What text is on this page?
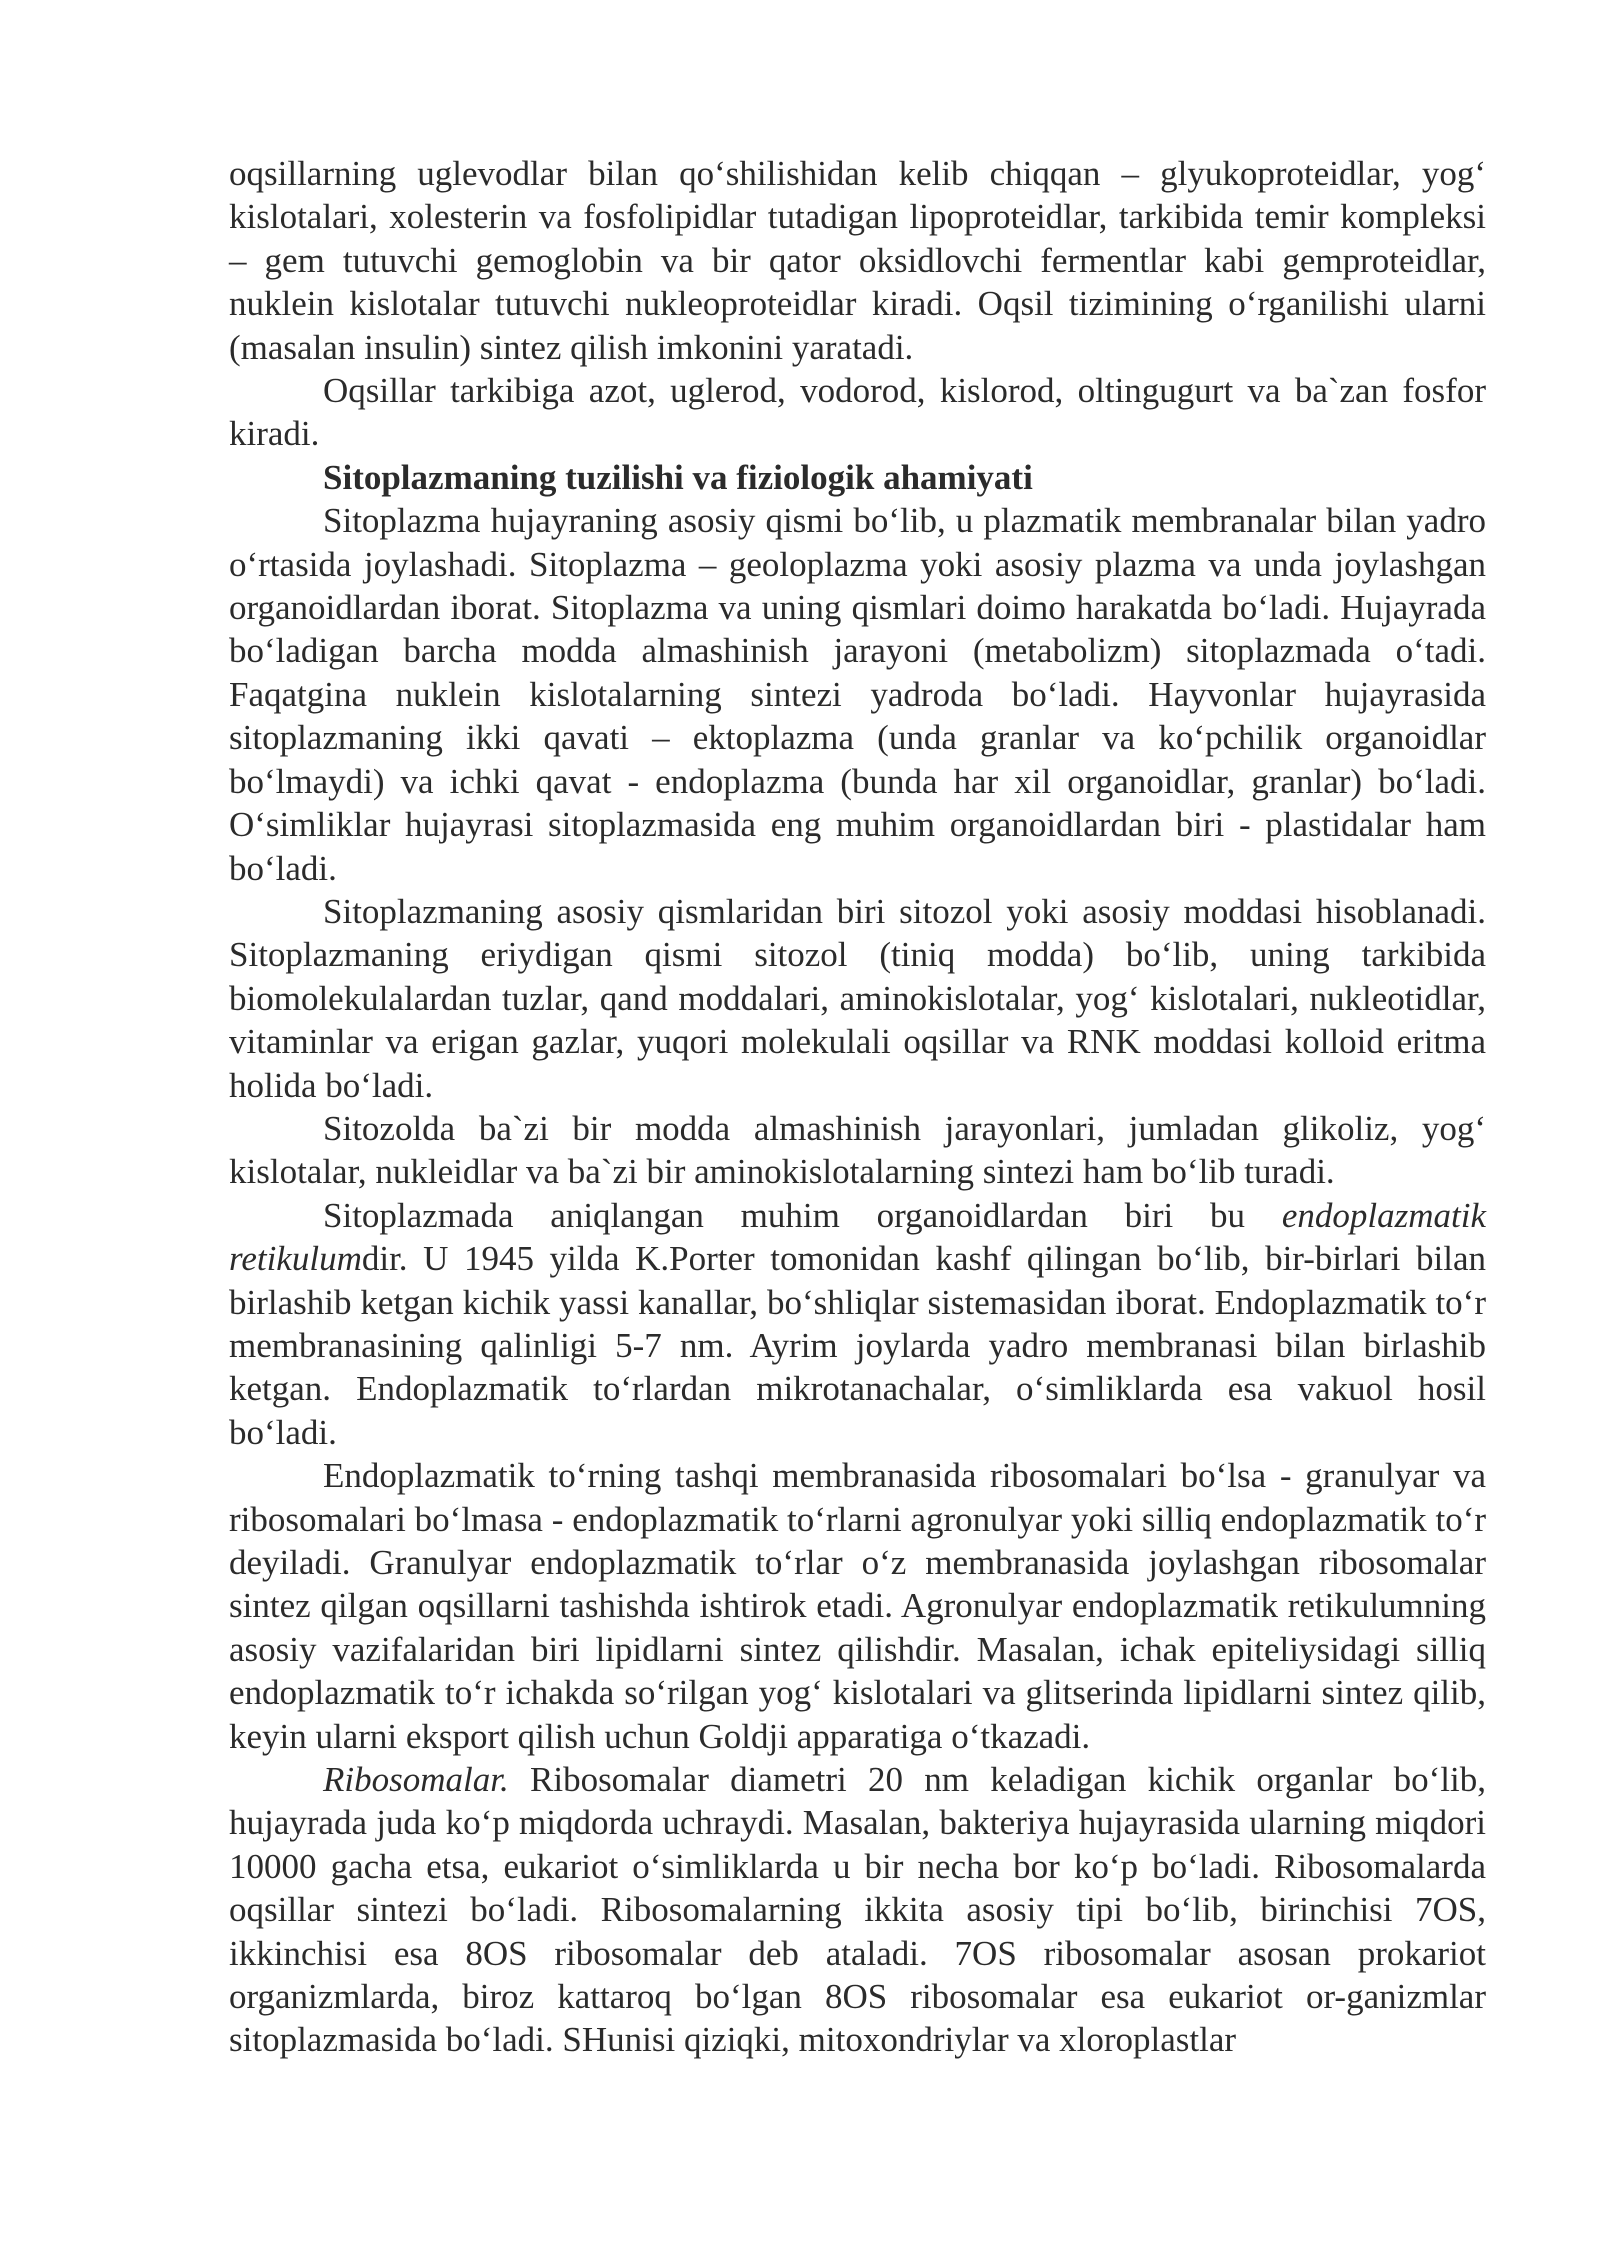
oqsillarning uglevodlar bilan qo‘shilishidan kelib chiqqan – glyukoproteidlar, yog‘ kislotalari, xolesterin va fosfolipidlar tutadigan lipoproteidlar, tarkibida temir kompleksi – gem tutuvchi gemoglobin va bir qator oksidlovchi fermentlar kabi gemproteidlar, nuklein kislotalar tutuvchi nukleoproteidlar kiradi. Oqsil tizimining o‘rganilishi ularni (masalan insulin) sintez qilish imkonini yaratadi.

Oqsillar tarkibiga azot, uglerod, vodorod, kislorod, oltingugurt va ba`zan fosfor kiradi.

Sitoplazmaning tuzilishi va fiziologik ahamiyati

Sitoplazma hujayraning asosiy qismi bo‘lib, u plazmatik membranalar bilan yadro o‘rtasida joylashadi. Sitoplazma – geoloplazma yoki asosiy plazma va unda joylashgan organoidlardan iborat. Sitoplazma va uning qismlari doimo harakatda bo‘ladi. Hujayrada bo‘ladigan barcha modda almashinish jarayoni (metabolizm) sitoplazmada o‘tadi. Faqatgina nuklein kislotalarning sintezi yadroda bo‘ladi. Hayvonlar hujayrasida sitoplazmaning ikki qavati – ektoplazma (unda granlar va ko‘pchilik organoidlar bo‘lmaydi) va ichki qavat - endoplazma (bunda har xil organoidlar, granlar) bo‘ladi. O‘simliklar hujayrasi sitoplazmasida eng muhim organoidlardan biri - plastidalar ham bo‘ladi.

Sitoplazmaning asosiy qismlaridan biri sitozol yoki asosiy moddasi hisoblanadi. Sitoplazmaning eriydigan qismi sitozol (tiniq modda) bo‘lib, uning tarkibida biomolekulalardan tuzlar, qand moddalari, aminokislotalar, yog‘ kislotalari, nukleotidlar, vitaminlar va erigan gazlar, yuqori molekulali oqsillar va RNK moddasi kolloid eritma holida bo‘ladi.

Sitozolda ba`zi bir modda almashinish jarayonlari, jumladan glikoliz, yog‘ kislotalar, nukleidlar va ba`zi bir aminokislotalarning sintezi ham bo‘lib turadi.

Sitoplazmada aniqlangan muhim organoidlardan biri bu endoplazmatik retikulumdir. U 1945 yilda K.Porter tomonidan kashf qilingan bo‘lib, bir-birlari bilan birlashib ketgan kichik yassi kanallar, bo‘shliqlar sistemasidan iborat. Endoplazmatik to‘r membranasining qalinligi 5-7 nm. Ayrim joylarda yadro membranasi bilan birlashib ketgan. Endoplazmatik to‘rlardan mikrotanachalar, o‘simliklarda esa vakuol hosil bo‘ladi.

Endoplazmatik to‘rning tashqi membranasida ribosomalari bo‘lsa - granulyar va ribosomalari bo‘lmasa - endoplazmatik to‘rlarni agronulyar yoki silliq endoplazmatik to‘r deyiladi. Granulyar endoplazmatik to‘rlar o‘z membranasida joylashgan ribosomalar sintez qilgan oqsillarni tashishda ishtirok etadi. Agronulyar endoplazmatik retikulumning asosiy vazifalaridan biri lipidlarni sintez qilishdir. Masalan, ichak epiteliysidagi silliq endoplazmatik to‘r ichakda so‘rilgan yog‘ kislotalari va glitserinda lipidlarni sintez qilib, keyin ularni eksport qilish uchun Goldji apparatiga o‘tkazadi.

Ribosomalar. Ribosomalar diametri 20 nm keladigan kichik organlar bo‘lib, hujayrada juda ko‘p miqdorda uchraydi. Masalan, bakteriya hujayrasida ularning miqdori 10000 gacha etsa, eukariot o‘simliklarda u bir necha bor ko‘p bo‘ladi. Ribosomalarda oqsillar sintezi bo‘ladi. Ribosomalarning ikkita asosiy tipi bo‘lib, birinchisi 7OS, ikkinchisi esa 8OS ribosomalar deb ataladi. 7OS ribosomalar asosan prokariot organizmlarda, biroz kattaroq bo‘lgan 8OS ribosomalar esa eukariot or-ganizmlar sitoplazmasida bo‘ladi. SHunisi qiziqki, mitoxondriylar va xloroplastlar
